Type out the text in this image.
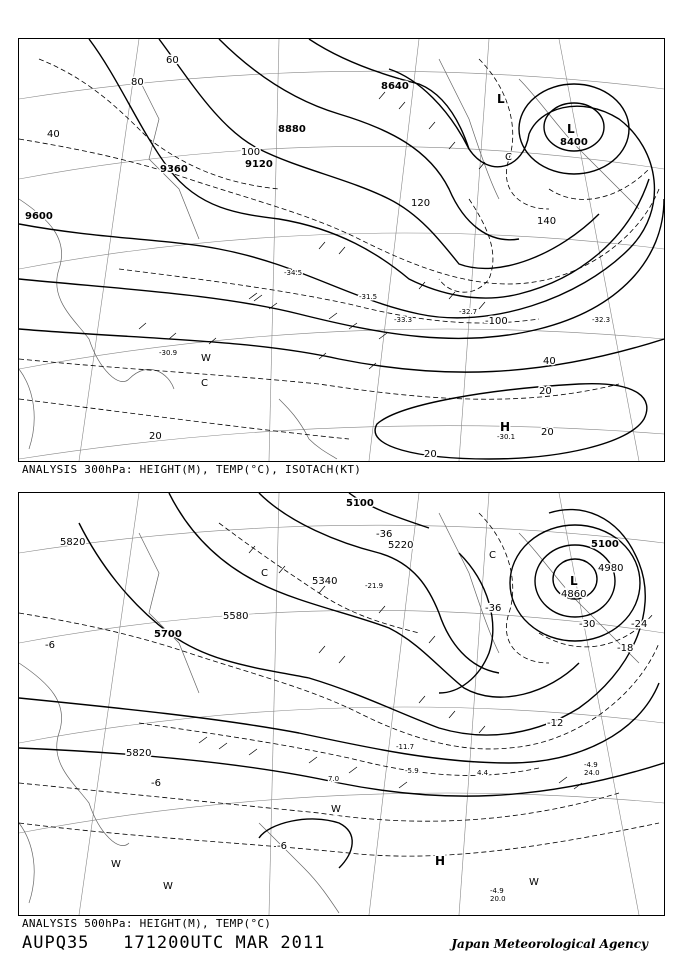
8640
8880
9120
9360
9600
8400
40
60
80
100
120
140
20
40
20	20
20
-100	-32.3
-30.1
-33.3
-34.5
-31.5
-30.9
-32.7
L
L
H
C
C
W
ANALYSIS 300hPa: HEIGHT(M), TEMP(°C), ISOTACH(KT)
5100
5220
5340
5580
5700
5820
5820
5100
4980
4860
-36
-36
-30	-24
-18
-12
-6
-6
-6
24.0
20.0
-4.9
-4.9
-5.9
7.0
4.4
-11.7
-21.9	L
H
C
C
W
W
W	W
ANALYSIS 500hPa: HEIGHT(M), TEMP(°C)
AUPQ35 171200UTC MAR 2011	Japan Meteorological Agency
